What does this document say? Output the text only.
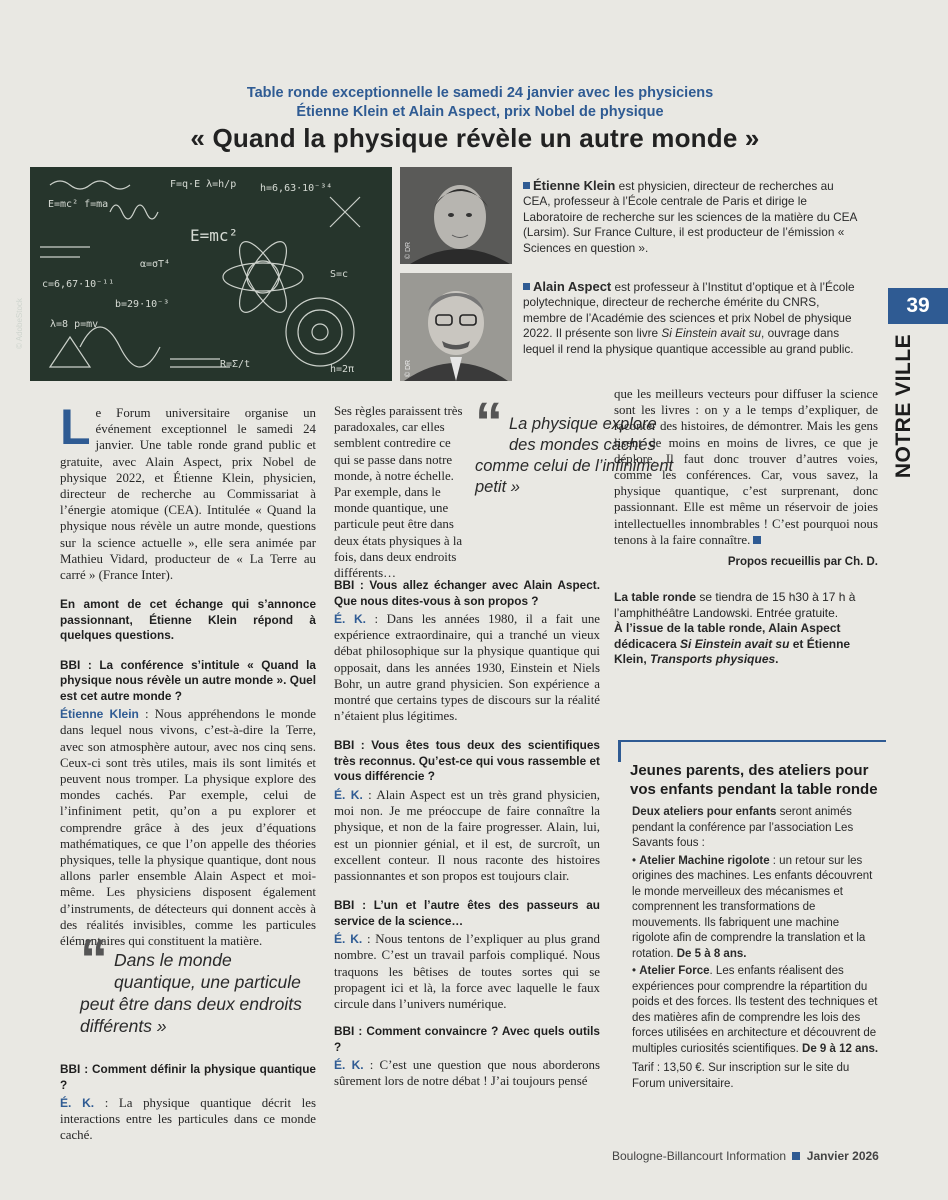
Table ronde exceptionnelle le samedi 24 janvier avec les physiciens
Étienne Klein et Alain Aspect, prix Nobel de physique
« Quand la physique révèle un autre monde »
E=mc² f=ma
F=q·E λ=h/p h=6,63·10⁻³⁴
E=mc²
c=6,67·10⁻¹¹
b=29·10⁻³
λ=8 p=mv
S=c
R=Σ/t	h=2π
α=σT⁴
© AdobeStock
© DR
© DR
Étienne Klein est physicien, directeur de recherches au CEA, professeur à l’École centrale de Paris et dirige le Laboratoire de recherche sur les sciences de la matière du CEA (Larsim). Sur France Culture, il est producteur de l’émission « Sciences en question ».
Alain Aspect est professeur à l’Institut d’optique et à l’École polytechnique, directeur de recherche émérite du CNRS, membre de l’Académie des sciences et prix Nobel de physique 2022. Il présente son livre Si Einstein avait su, ouvrage dans lequel il rend la physique quantique accessible au grand public.
39
NOTRE VILLE

Le Forum universitaire organise un événement exceptionnel le samedi 24 janvier. Une table ronde grand public et gratuite, avec Alain Aspect, prix Nobel de physique 2022, et Étienne Klein, physicien, directeur de recherche au Commissariat à l’énergie atomique (CEA). Intitulée « Quand la physique nous révèle un autre monde, questions sur la science actuelle », elle sera animée par Mathieu Vidard, producteur de « La Terre au carré » (France Inter).

En amont de cet échange qui s’annonce passionnant, Étienne Klein répond à quelques questions.
BBI : La conférence s’intitule « Quand la physique nous révèle un autre monde ». Quel est cet autre monde ?

Étienne Klein : Nous appréhendons le monde dans lequel nous vivons, c’est-à-dire la Terre, avec son atmosphère autour, avec nos cinq sens. Ceux-ci sont très utiles, mais ils sont limités et peuvent nous tromper. La physique explore des mondes cachés. Par exemple, celui de l’infiniment petit, qu’on a pu explorer et comprendre grâce à des jeux d’équations mathématiques, ce que l’on appelle des théories physiques, telle la physique quantique, dont nous allons parler ensemble Alain Aspect et moi-même. Les physiciens disposent également d’instruments, de détecteurs qui donnent accès à des réalités invisibles, comme les particules élémentaires qui constituent la matière.

“ Dans le monde quantique, une particule peut être dans deux endroits différents »
BBI : Comment définir la physique quantique ?

É. K. : La physique quantique décrit les interactions entre les particules dans ce monde caché.

Ses règles paraissent très paradoxales, car elles semblent contredire ce qui se passe dans notre monde, à notre échelle. Par exemple, dans le monde quantique, une particule peut être dans deux états physiques à la fois, dans deux endroits différents…

“ La physique explore des mondes cachés comme celui de l’infiniment petit »
BBI : Vous allez échanger avec Alain Aspect. Que nous dites-vous à son propos ?

É. K. : Dans les années 1980, il a fait une expérience extraordinaire, qui a tranché un vieux débat philosophique sur la physique quantique qui opposait, dans les années 1930, Einstein et Niels Bohr, un autre grand physicien. Son expérience a montré que certains types de discours sur la réalité n’étaient plus légitimes.

BBI : Vous êtes tous deux des scientifiques très reconnus. Qu’est-ce qui vous rassemble et vous différencie ?

É. K. : Alain Aspect est un très grand physicien, moi non. Je me préoccupe de faire connaître la physique, et non de la faire progresser. Alain, lui, est un pionnier génial, et il est, de surcroît, un excellent conteur. Il nous raconte des histoires passionnantes et son propos est toujours clair.

BBI : L’un et l’autre êtes des passeurs au service de la science…

É. K. : Nous tentons de l’expliquer au plus grand nombre. C’est un travail parfois compliqué. Nous traquons les bêtises de toutes sortes qui se propagent ici et là, la force avec laquelle le faux circule dans l’univers numérique.

BBI : Comment convaincre ? Avec quels outils ?

É. K. : C’est une question que nous aborderons sûrement lors de notre débat ! J’ai toujours pensé

que les meilleurs vecteurs pour diffuser la science sont les livres : on y a le temps d’expliquer, de raconter des histoires, de démontrer. Mais les gens lisent de moins en moins de livres, ce que je déplore. Il faut donc trouver d’autres voies, comme les conférences. Car, vous savez, la physique quantique, c’est surprenant, donc passionnant. Elle est même un réservoir de joies intellectuelles innombrables ! C’est pourquoi nous tenons à la faire connaître.

Propos recueillis par Ch. D.
La table ronde se tiendra de 15 h30 à 17 h à l’amphithéâtre Landowski. Entrée gratuite.
À l’issue de la table ronde, Alain Aspect dédicacera Si Einstein avait su et Étienne Klein, Transports physiques.
Jeunes parents, des ateliers pour vos enfants pendant la table ronde
Deux ateliers pour enfants seront animés pendant la conférence par l’association Les Savants fous :
• Atelier Machine rigolote : un retour sur les origines des machines. Les enfants découvrent le monde merveilleux des mécanismes et comprennent les transformations de mouvements. Ils fabriquent une machine rigolote afin de comprendre la translation et la rotation. De 5 à 8 ans.
• Atelier Force. Les enfants réalisent des expériences pour comprendre la répartition du poids et des forces. Ils testent des techniques et des matières afin de comprendre les lois des forces utilisées en architecture et découvrent de multiples curiosités scientifiques. De 9 à 12 ans.
Tarif : 13,50 €. Sur inscription sur le site du Forum universitaire.
Boulogne-Billancourt Information Janvier 2026
